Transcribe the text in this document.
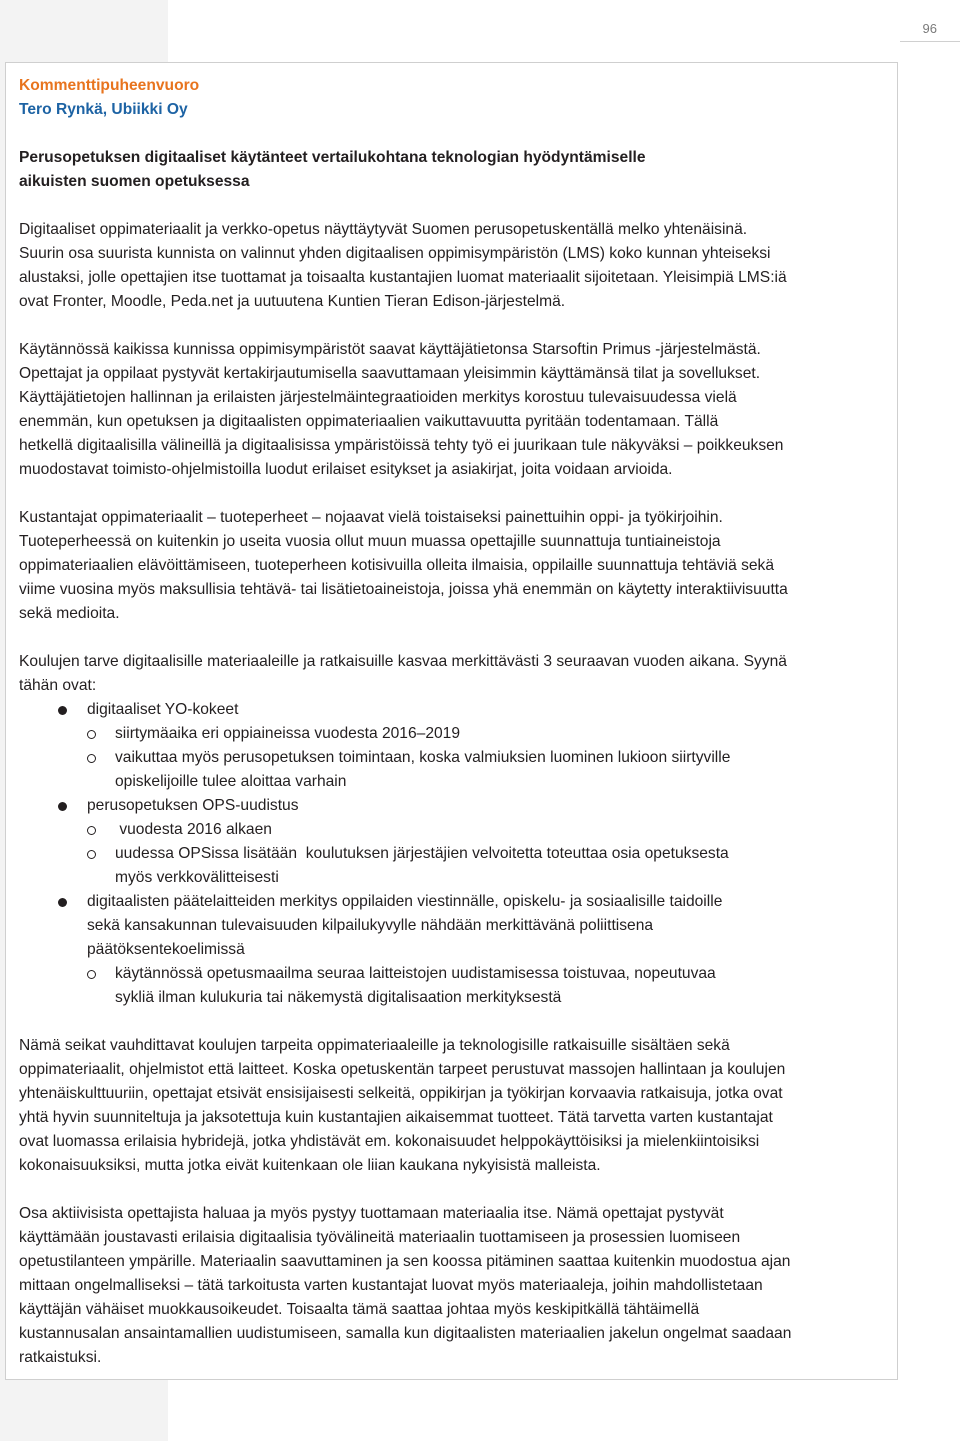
96

Kommenttipuheenvuoro

Tero Rynkä, Ubiikki Oy

Perusopetuksen digitaaliset käytänteet vertailukohtana teknologian hyödyntämiselle
aikuisten suomen opetuksessa
Digitaaliset oppimateriaalit ja verkko-opetus näyttäytyvät Suomen perusopetuskentällä melko yhtenäisinä.
Suurin osa suurista kunnista on valinnut yhden digitaalisen oppimisympäristön (LMS) koko kunnan yhteiseksi
alustaksi, jolle opettajien itse tuottamat ja toisaalta kustantajien luomat materiaalit sijoitetaan. Yleisimpiä LMS:iä
ovat Fronter, Moodle, Peda.net ja uutuutena Kuntien Tieran Edison-järjestelmä.
Käytännössä kaikissa kunnissa oppimisympäristöt saavat käyttäjätietonsa Starsoftin Primus -järjestelmästä.
Opettajat ja oppilaat pystyvät kertakirjautumisella saavuttamaan yleisimmin käyttämänsä tilat ja sovellukset.
Käyttäjätietojen hallinnan ja erilaisten järjestelmäintegraatioiden merkitys korostuu tulevaisuudessa vielä
enemmän, kun opetuksen ja digitaalisten oppimateriaalien vaikuttavuutta pyritään todentamaan. Tällä
hetkellä digitaalisilla välineillä ja digitaalisissa ympäristöissä tehty työ ei juurikaan tule näkyväksi – poikkeuksen
muodostavat toimisto-ohjelmistoilla luodut erilaiset esitykset ja asiakirjat, joita voidaan arvioida.
Kustantajat oppimateriaalit – tuoteperheet – nojaavat vielä toistaiseksi painettuihin oppi- ja työkirjoihin.
Tuoteperheessä on kuitenkin jo useita vuosia ollut muun muassa opettajille suunnattuja tuntiaineistoja
oppimateriaalien elävöittämiseen, tuoteperheen kotisivuilla olleita ilmaisia, oppilaille suunnattuja tehtäviä sekä
viime vuosina myös maksullisia tehtävä- tai lisätietoaineistoja, joissa yhä enemmän on käytetty interaktiivisuutta
sekä medioita.
Koulujen tarve digitaalisille materiaaleille ja ratkaisuille kasvaa merkittävästi 3 seuraavan vuoden aikana. Syynä
tähän ovat:
digitaaliset YO-kokeet
siirtymäaika eri oppiaineissa vuodesta 2016–2019
vaikuttaa myös perusopetuksen toimintaan, koska valmiuksien luominen lukioon siirtyville
opiskelijoille tulee aloittaa varhain
perusopetuksen OPS-uudistus
vuodesta 2016 alkaen
uudessa OPSissa lisätään  koulutuksen järjestäjien velvoitetta toteuttaa osia opetuksesta
myös verkkovälitteisesti
digitaalisten päätelaitteiden merkitys oppilaiden viestinnälle, opiskelu- ja sosiaalisille taidoille
sekä kansakunnan tulevaisuuden kilpailukyvylle nähdään merkittävänä poliittisena
päätöksentekoelimissä
käytännössä opetusmaailma seuraa laitteistojen uudistamisessa toistuvaa, nopeutuvaa
sykliä ilman kulukuria tai näkemystä digitalisaation merkityksestä
Nämä seikat vauhdittavat koulujen tarpeita oppimateriaaleille ja teknologisille ratkaisuille sisältäen sekä
oppimateriaalit, ohjelmistot että laitteet. Koska opetuskentän tarpeet perustuvat massojen hallintaan ja koulujen
yhtenäiskulttuuriin, opettajat etsivät ensisijaisesti selkeitä, oppikirjan ja työkirjan korvaavia ratkaisuja, jotka ovat
yhtä hyvin suunniteltuja ja jaksotettuja kuin kustantajien aikaisemmat tuotteet. Tätä tarvetta varten kustantajat
ovat luomassa erilaisia hybridejä, jotka yhdistävät em. kokonaisuudet helppokäyttöisiksi ja mielenkiintoisiksi
kokonaisuuksiksi, mutta jotka eivät kuitenkaan ole liian kaukana nykyisistä malleista.
Osa aktiivisista opettajista haluaa ja myös pystyy tuottamaan materiaalia itse. Nämä opettajat pystyvät
käyttämään joustavasti erilaisia digitaalisia työvälineitä materiaalin tuottamiseen ja prosessien luomiseen
opetustilanteen ympärille. Materiaalin saavuttaminen ja sen koossa pitäminen saattaa kuitenkin muodostua ajan
mittaan ongelmalliseksi – tätä tarkoitusta varten kustantajat luovat myös materiaaleja, joihin mahdollistetaan
käyttäjän vähäiset muokkausoikeudet. Toisaalta tämä saattaa johtaa myös keskipitkällä tähtäimellä
kustannusalan ansaintamallien uudistumiseen, samalla kun digitaalisten materiaalien jakelun ongelmat saadaan
ratkaistuksi.
